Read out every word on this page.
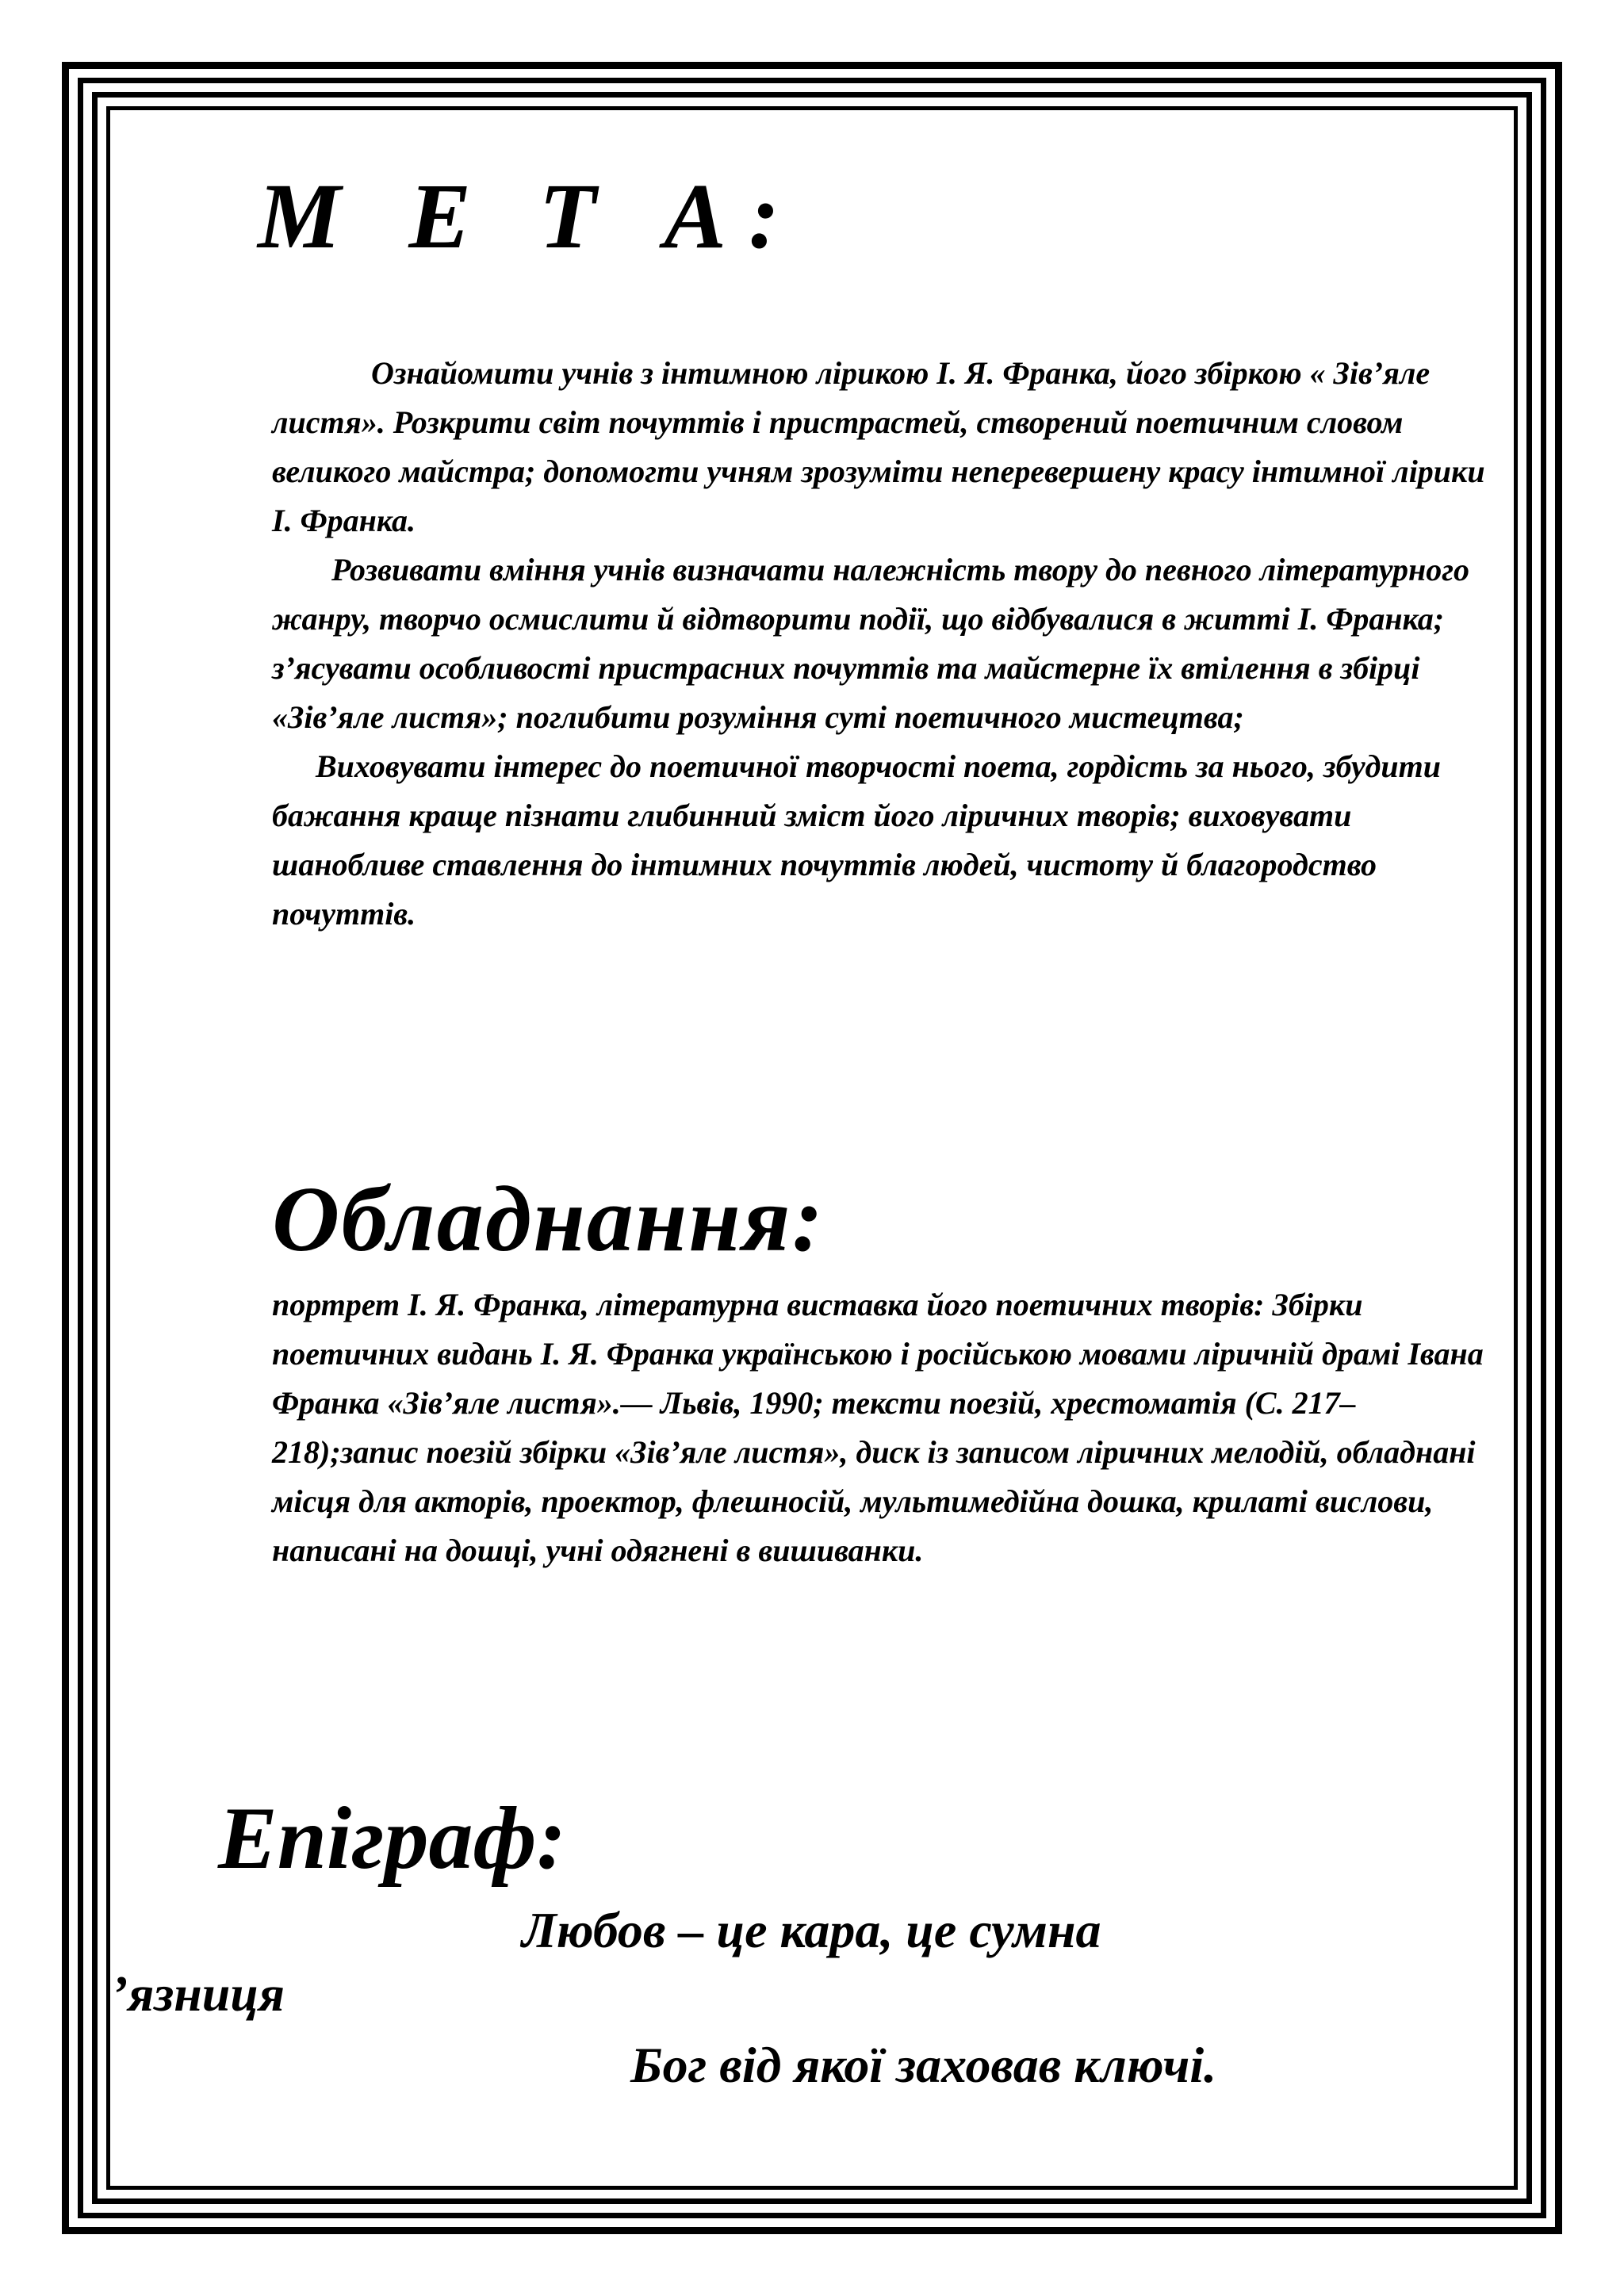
М Е Т А:

Ознайомити учнів з інтимною лірикою І. Я. Франка, його збіркою « Зів’яле листя». Розкрити світ почуттів і пристрастей, створений поетичним словом великого майстра; допомогти учням зрозуміти неперевершену красу інтимної лірики І. Франка.

Розвивати вміння учнів визначати належність твору до певного літературного жанру, творчо осмислити й відтворити події, що відбувалися в житті І. Франка; з’ясувати особливості пристрасних почуттів та майстерне їх втілення в збірці «Зів’яле листя»; поглибити розуміння суті поетичного мистецтва;

Виховувати інтерес до поетичної творчості поета, гордість за нього, збудити бажання краще пізнати глибинний зміст його ліричних творів; виховувати шанобливе ставлення до інтимних почуттів людей, чистоту й благородство почуттів.

Обладнання:

портрет І. Я. Франка, літературна виставка його поетичних творів: Збірки поетичних видань І. Я. Франка українською і російською мовами ліричній драмі Івана Франка «Зів’яле листя».— Львів, 1990; тексти поезій, хрестоматія (С. 217–218);запис поезій збірки «Зів’яле листя», диск із записом ліричних мелодій, обладнані місця для акторів, проектор, флешносій, мультимедійна дошка, крилаті вислови, написані на дошці, учні одягнені в вишиванки.

Епіграф:

Любов – це кара, це сумна

’язниця

Бог від якої заховав ключі.
